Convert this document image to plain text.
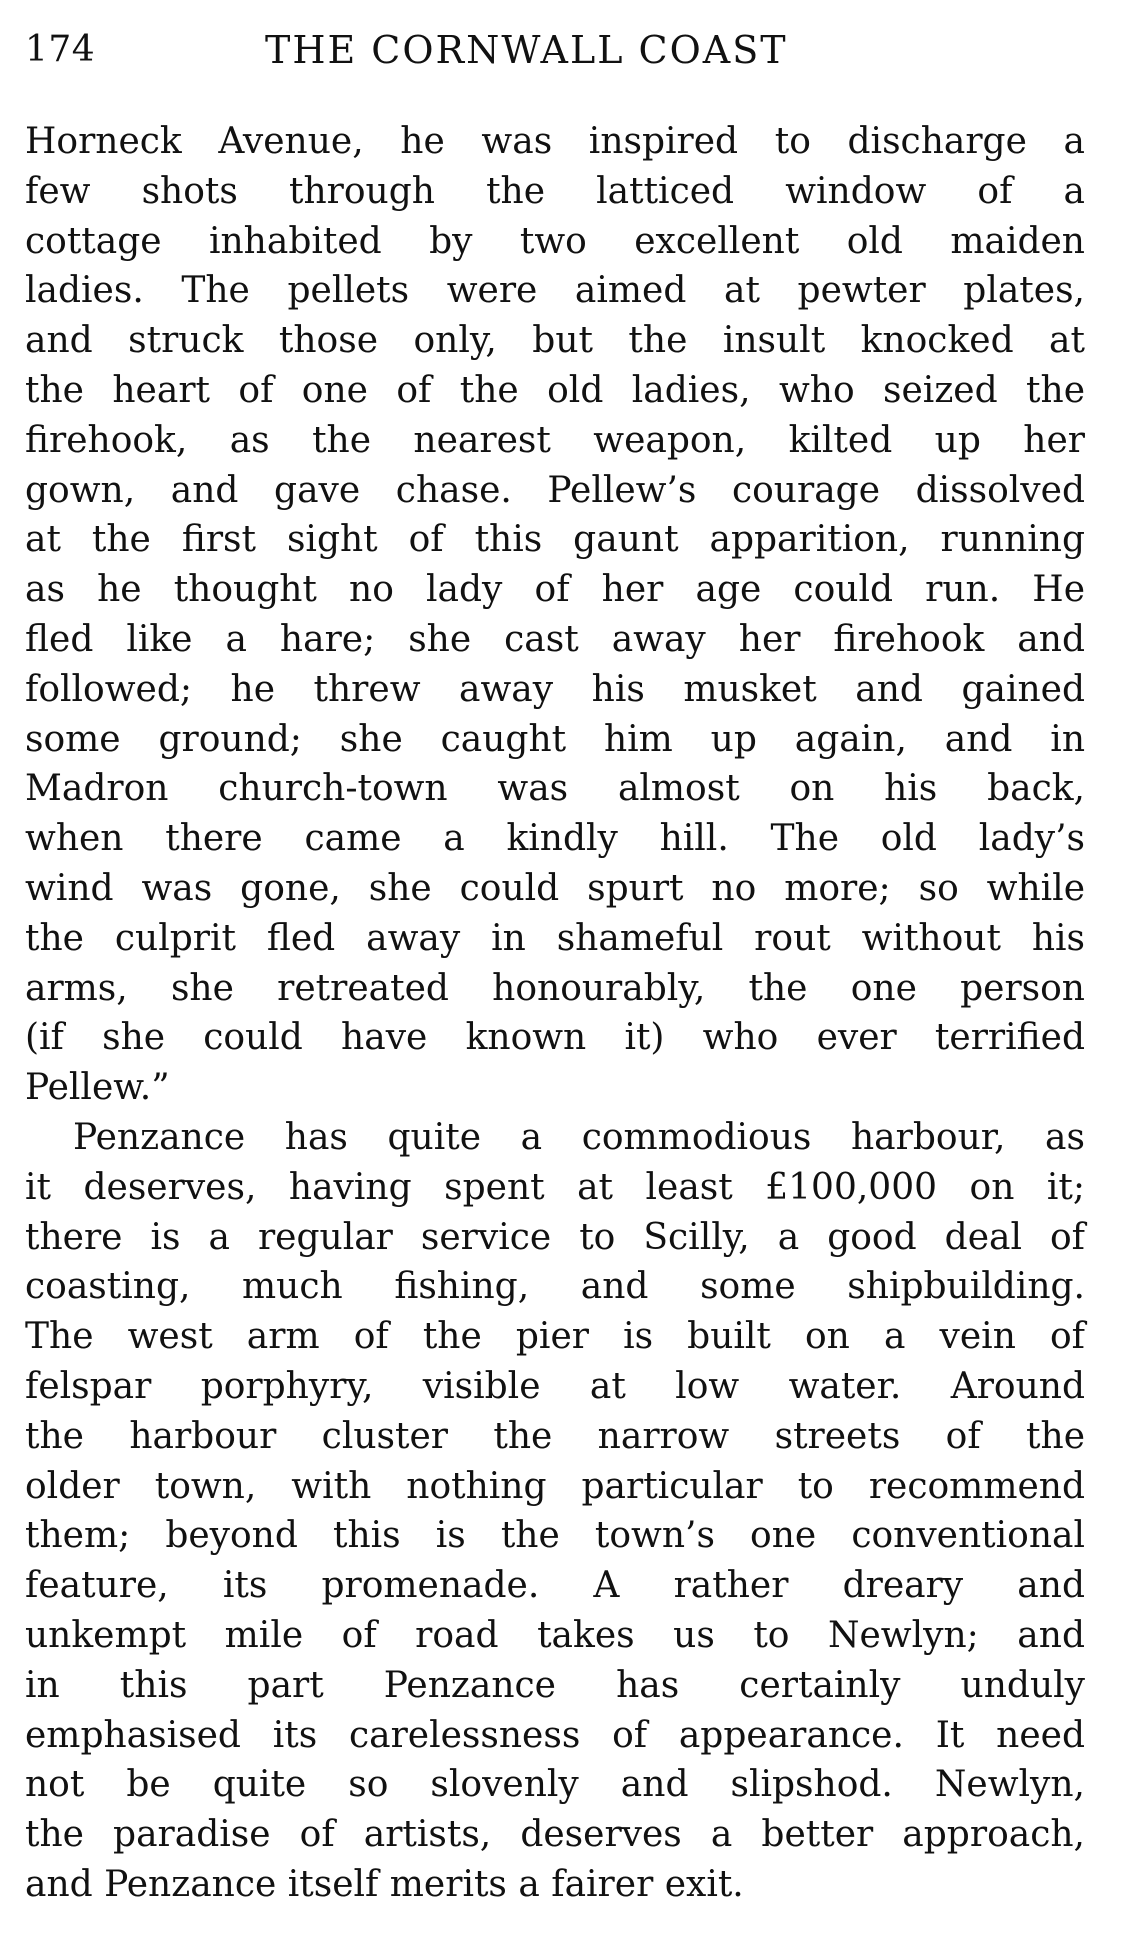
174	THE CORNWALL COAST
Horneck Avenue, he was inspired to discharge a
few shots through the latticed window of a
cottage inhabited by two excellent old maiden
ladies. The pellets were aimed at pewter plates,
and struck those only, but the insult knocked at
the heart of one of the old ladies, who seized the
firehook, as the nearest weapon, kilted up her
gown, and gave chase. Pellew’s courage dissolved
at the first sight of this gaunt apparition, running
as he thought no lady of her age could run. He
fled like a hare; she cast away her firehook and
followed; he threw away his musket and gained
some ground; she caught him up again, and in
Madron church-town was almost on his back,
when there came a kindly hill. The old lady’s
wind was gone, she could spurt no more; so while
the culprit fled away in shameful rout without his
arms, she retreated honourably, the one person
(if she could have known it) who ever terrified
Pellew.”
Penzance has quite a commodious harbour, as
it deserves, having spent at least £100,000 on it;
there is a regular service to Scilly, a good deal of
coasting, much fishing, and some shipbuilding.
The west arm of the pier is built on a vein of
felspar porphyry, visible at low water. Around
the harbour cluster the narrow streets of the
older town, with nothing particular to recommend
them; beyond this is the town’s one conventional
feature, its promenade. A rather dreary and
unkempt mile of road takes us to Newlyn; and
in this part Penzance has certainly unduly
emphasised its carelessness of appearance. It need
not be quite so slovenly and slipshod. Newlyn,
the paradise of artists, deserves a better approach,
and Penzance itself merits a fairer exit.
